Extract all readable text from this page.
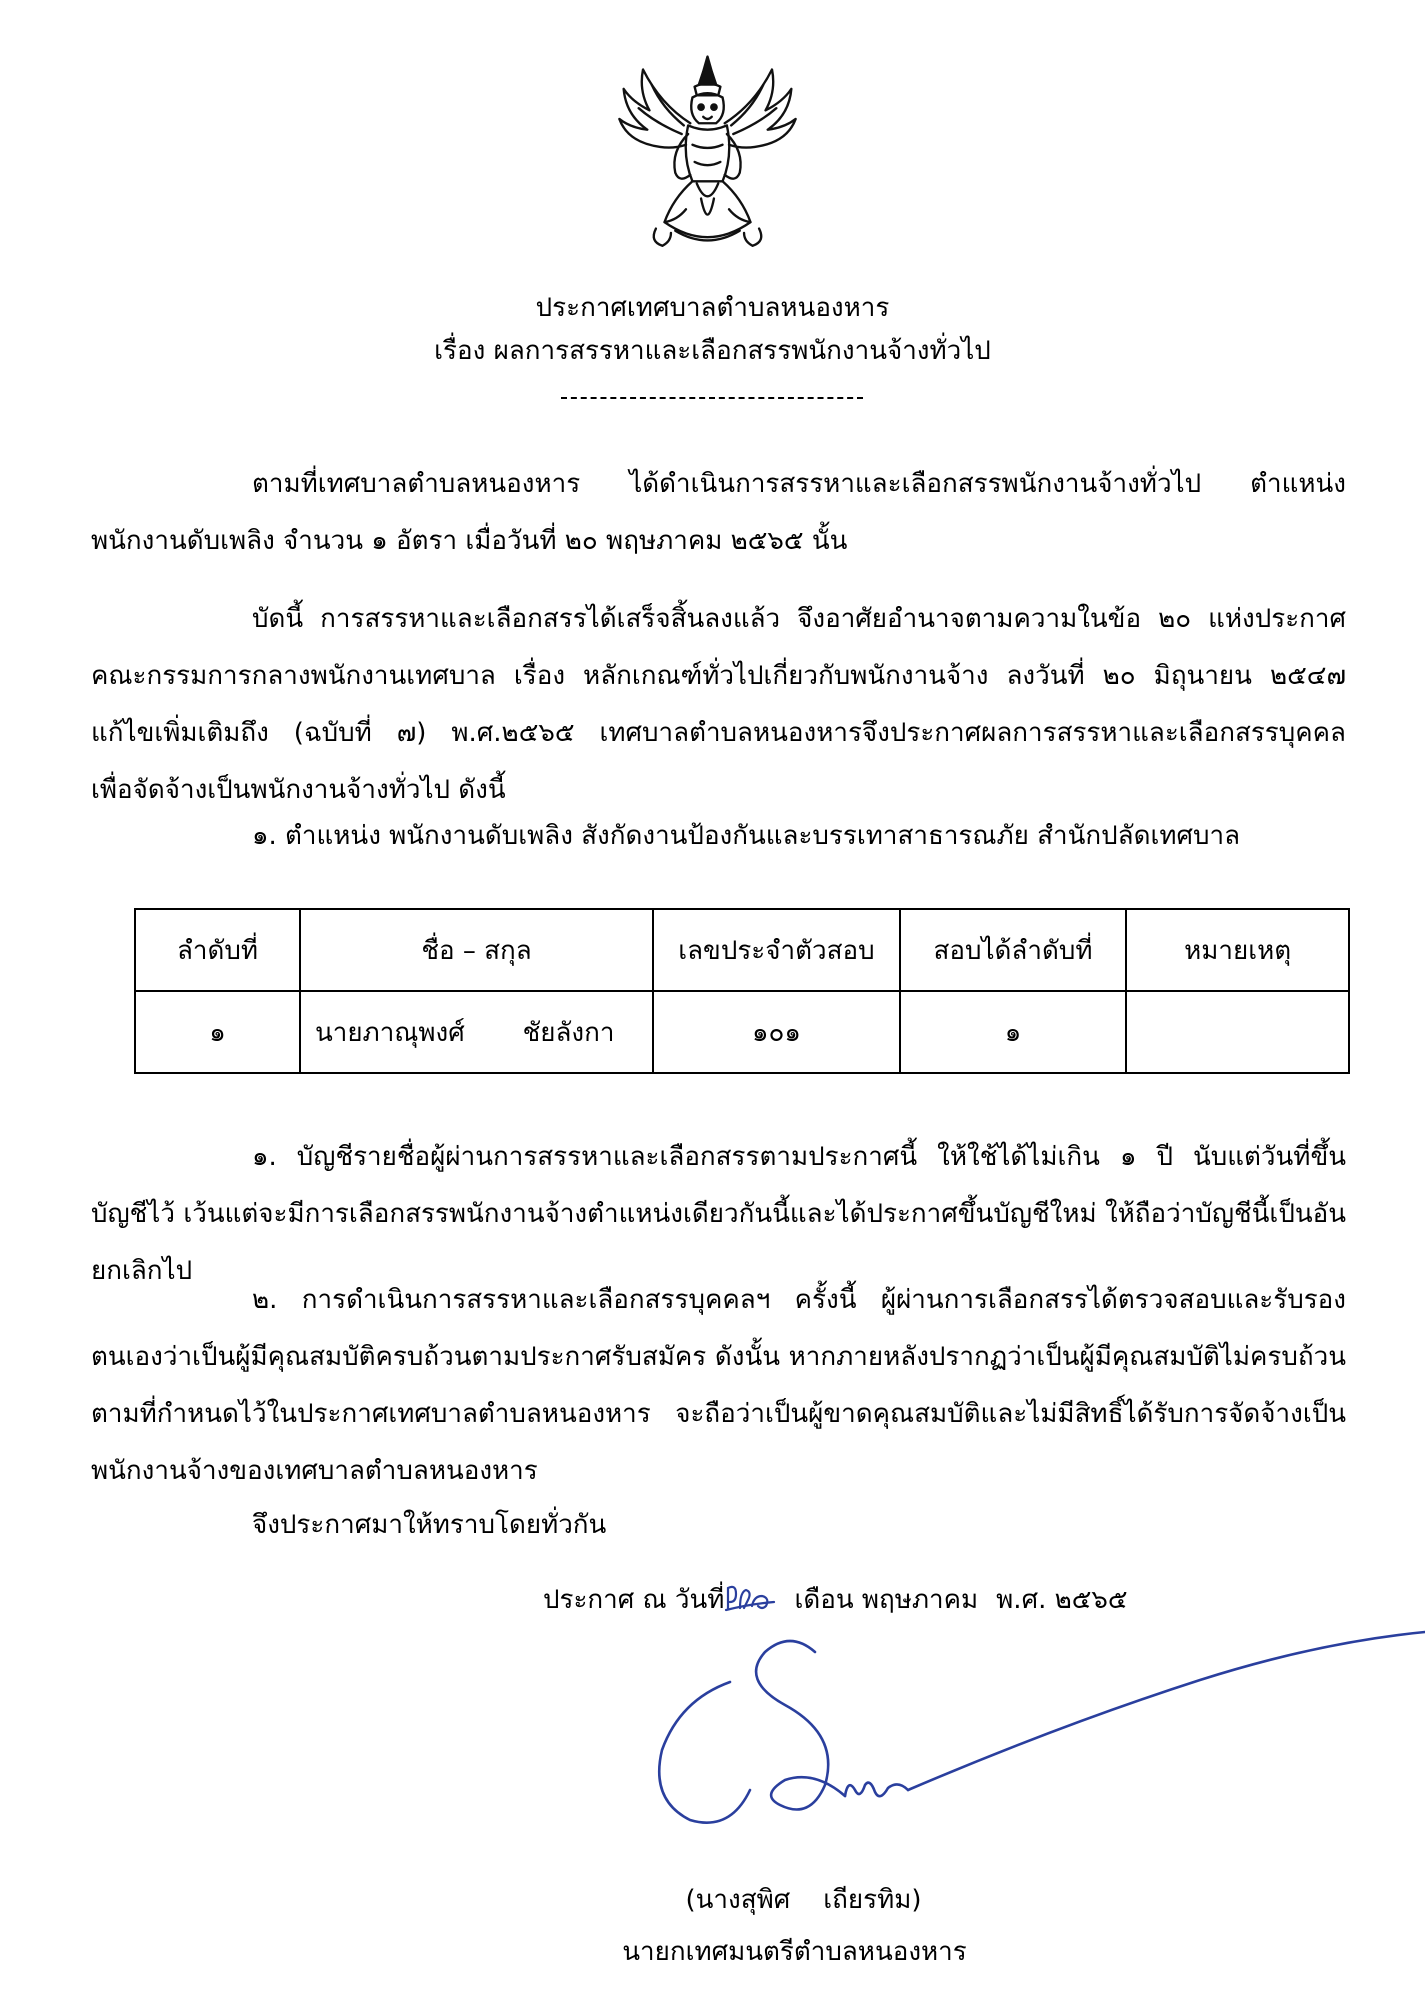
ประกาศเทศบาลตำบลหนองหาร
เรื่อง ผลการสรรหาและเลือกสรรพนักงานจ้างทั่วไป
ตามที่เทศบาลตำบลหนองหาร ได้ดำเนินการสรรหาและเลือกสรรพนักงานจ้างทั่วไป ตำแหน่ง
พนักงานดับเพลิง จำนวน ๑ อัตรา เมื่อวันที่ ๒๐ พฤษภาคม ๒๕๖๕ นั้น
บัดนี้ การสรรหาและเลือกสรรได้เสร็จสิ้นลงแล้ว จึงอาศัยอำนาจตามความในข้อ ๒๐ แห่งประกาศ
คณะกรรมการกลางพนักงานเทศบาล เรื่อง หลักเกณฑ์ทั่วไปเกี่ยวกับพนักงานจ้าง ลงวันที่ ๒๐ มิถุนายน ๒๕๔๗
แก้ไขเพิ่มเติมถึง (ฉบับที่ ๗) พ.ศ.๒๕๖๕ เทศบาลตำบลหนองหารจึงประกาศผลการสรรหาและเลือกสรรบุคคล
เพื่อจัดจ้างเป็นพนักงานจ้างทั่วไป ดังนี้
๑. ตำแหน่ง พนักงานดับเพลิง สังกัดงานป้องกันและบรรเทาสาธารณภัย สำนักปลัดเทศบาล
ลำดับที่	ชื่อ – สกุล	เลขประจำตัวสอบ	สอบได้ลำดับที่	หมายเหตุ
๑	นายภาณุพงศ์       ชัยลังกา	๑๐๑	๑	
๑. บัญชีรายชื่อผู้ผ่านการสรรหาและเลือกสรรตามประกาศนี้ ให้ใช้ได้ไม่เกิน ๑ ปี นับแต่วันที่ขึ้น
บัญชีไว้ เว้นแต่จะมีการเลือกสรรพนักงานจ้างตำแหน่งเดียวกันนี้และได้ประกาศขึ้นบัญชีใหม่ ให้ถือว่าบัญชีนี้เป็นอัน
ยกเลิกไป
๒. การดำเนินการสรรหาและเลือกสรรบุคคลฯ ครั้งนี้ ผู้ผ่านการเลือกสรรได้ตรวจสอบและรับรอง
ตนเองว่าเป็นผู้มีคุณสมบัติครบถ้วนตามประกาศรับสมัคร ดังนั้น หากภายหลังปรากฏว่าเป็นผู้มีคุณสมบัติไม่ครบถ้วน
ตามที่กำหนดไว้ในประกาศเทศบาลตำบลหนองหาร จะถือว่าเป็นผู้ขาดคุณสมบัติและไม่มีสิทธิ์ได้รับการจัดจ้างเป็น
พนักงานจ้างของเทศบาลตำบลหนองหาร
จึงประกาศมาให้ทราบโดยทั่วกัน
ประกาศ ณ วันที่	เดือน พฤษภาคม พ.ศ. ๒๕๖๕
(นางสุพิศ    เถียรทิม)
นายกเทศมนตรีตำบลหนองหาร
